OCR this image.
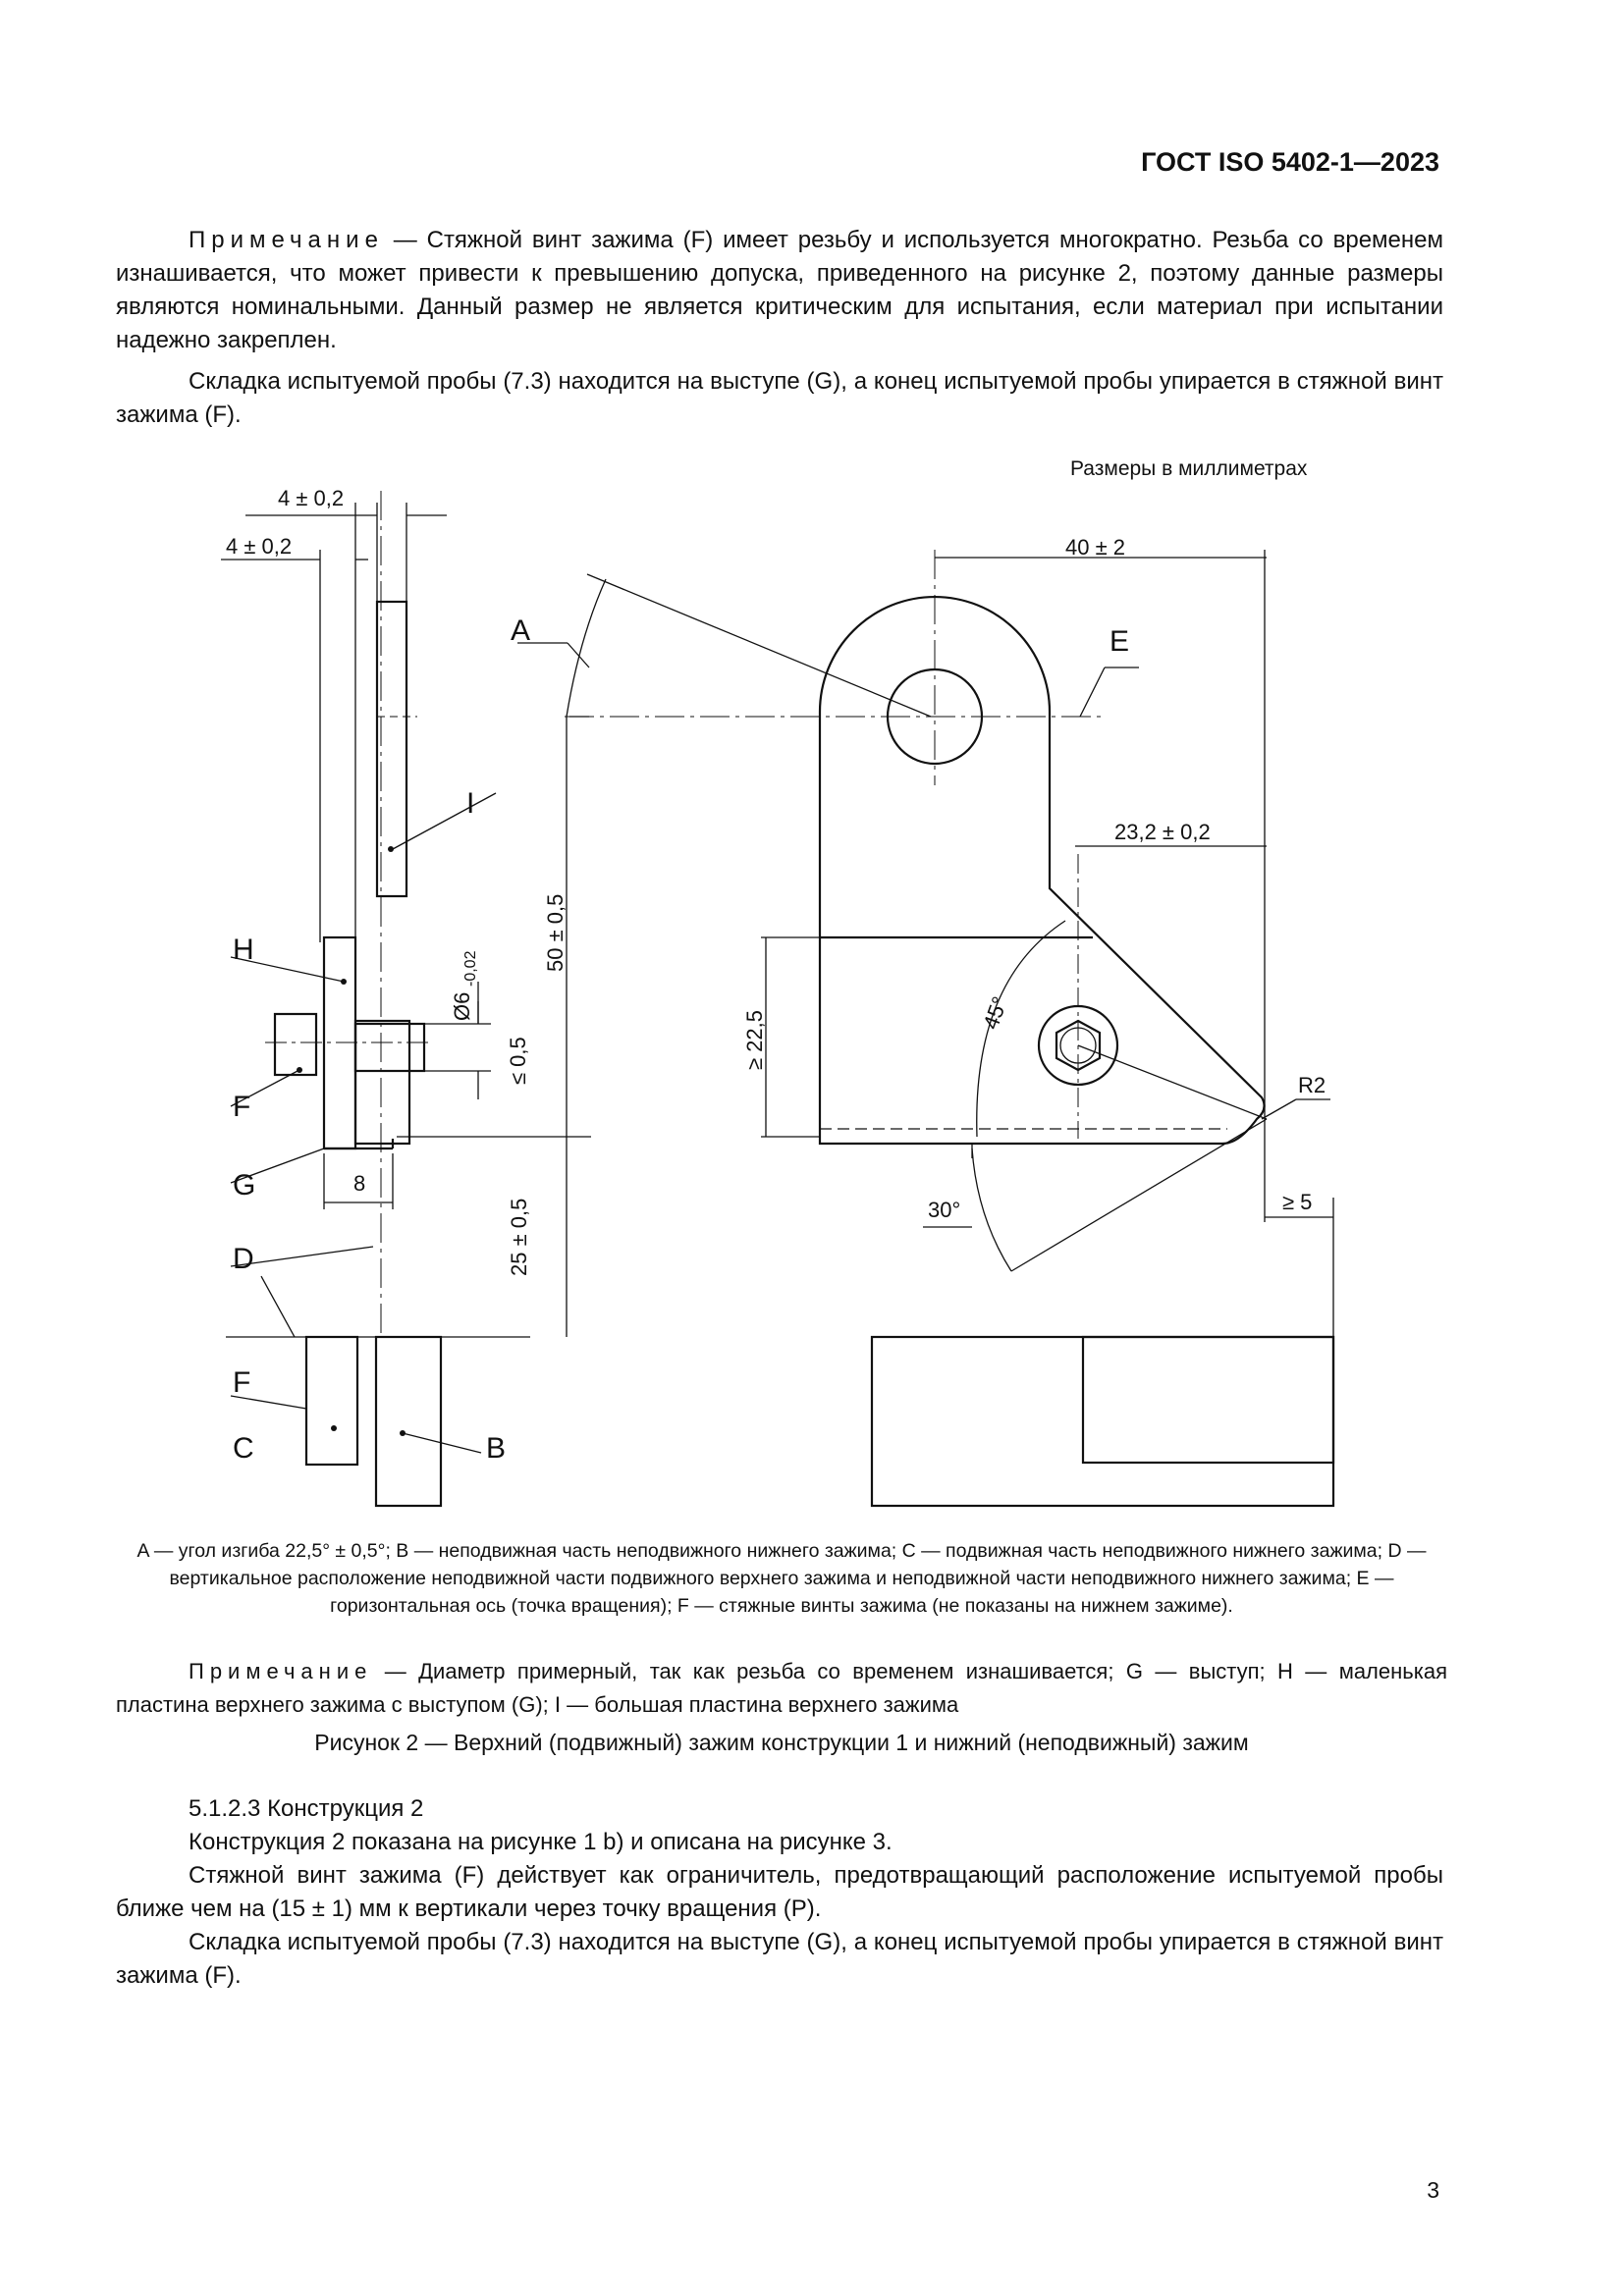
ГОСТ ISO 5402-1—2023

Примечание — Стяжной винт зажима (F) имеет резьбу и используется многократно. Резьба со временем изнашивается, что может привести к превышению допуска, приведенного на рисунке 2, поэтому данные размеры являются номинальными. Данный размер не является критическим для испытания, если материал при испытании надежно закреплен.

Складка испытуемой пробы (7.3) находится на выступе (G), а конец испытуемой пробы упирается в стяжной винт зажима (F).

Размеры в миллиметрах
4 ± 0,2
4 ± 0,2	40 ± 2
23,2 ± 0,2
8
30°
R2
≥ 5
50 ± 0,5
25 ± 0,5
≥ 22,5
≤ 0,5
Ø6
-0,02
45°
A	E
I
H
F
G
D
F
C	B
A — угол изгиба 22,5° ± 0,5°; B — неподвижная часть неподвижного нижнего зажима; C — подвижная часть неподвижного нижнего зажима; D — вертикальное расположение неподвижной части подвижного верхнего зажима и неподвижной части неподвижного нижнего зажима; E — горизонтальная ось (точка вращения); F — стяжные винты зажима (не показаны на нижнем зажиме).

Примечание — Диаметр примерный, так как резьба со временем изнашивается; G — выступ; H — маленькая пластина верхнего зажима с выступом (G); I — большая пластина верхнего зажима

Рисунок 2 — Верхний (подвижный) зажим конструкции 1 и нижний (неподвижный) зажим

5.1.2.3 Конструкция 2

Конструкция 2 показана на рисунке 1 b) и описана на рисунке 3.

Стяжной винт зажима (F) действует как ограничитель, предотвращающий расположение испытуемой пробы ближе чем на (15 ± 1) мм к вертикали через точку вращения (P).

Складка испытуемой пробы (7.3) находится на выступе (G), а конец испытуемой пробы упирается в стяжной винт зажима (F).

3
